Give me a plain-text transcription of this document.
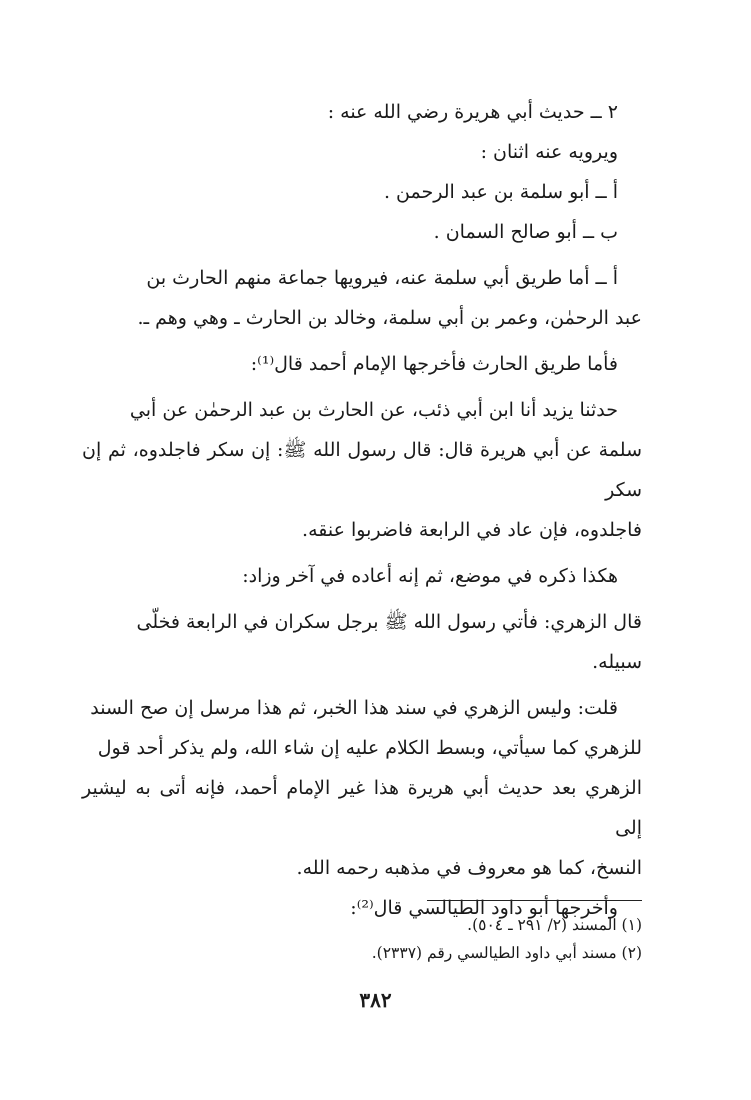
٢ ــ حديث أبي هريرة رضي الله عنه :

ويرويه عنه اثنان :

أ ــ أبو سلمة بن عبد الرحمن .

ب ــ أبو صالح السمان .

أ ــ أما طريق أبي سلمة عنه، فيرويها جماعة منهم الحارث بن

عبد الرحمٰن، وعمر بن أبي سلمة، وخالد بن الحارث ـ وهي وهم ـ.

فأما طريق الحارث فأخرجها الإمام أحمد قال⁽¹⁾:

حدثنا يزيد أنا ابن أبي ذئب، عن الحارث بن عبد الرحمٰن عن أبي

سلمة عن أبي هريرة قال: قال رسول الله ﷺ: إن سكر فاجلدوه، ثم إن سكر

فاجلدوه، فإن عاد في الرابعة فاضربوا عنقه.

هكذا ذكره في موضع، ثم إنه أعاده في آخر وزاد:

قال الزهري: فأتي رسول الله ﷺ برجل سكران في الرابعة فخلّى

سبيله.

قلت: وليس الزهري في سند هذا الخبر، ثم هذا مرسل إن صح السند

للزهري كما سيأتي، وبسط الكلام عليه إن شاء الله، ولم يذكر أحد قول

الزهري بعد حديث أبي هريرة هذا غير الإمام أحمد، فإنه أتى به ليشير إلى

النسخ، كما هو معروف في مذهبه رحمه الله.

وأخرجها أبو داود الطيالسي قال⁽²⁾:

(١) المسند (٢/ ٢٩١ ـ ٥٠٤).

(٢) مسند أبي داود الطيالسي رقم (٢٣٣٧).

٣٨٢
